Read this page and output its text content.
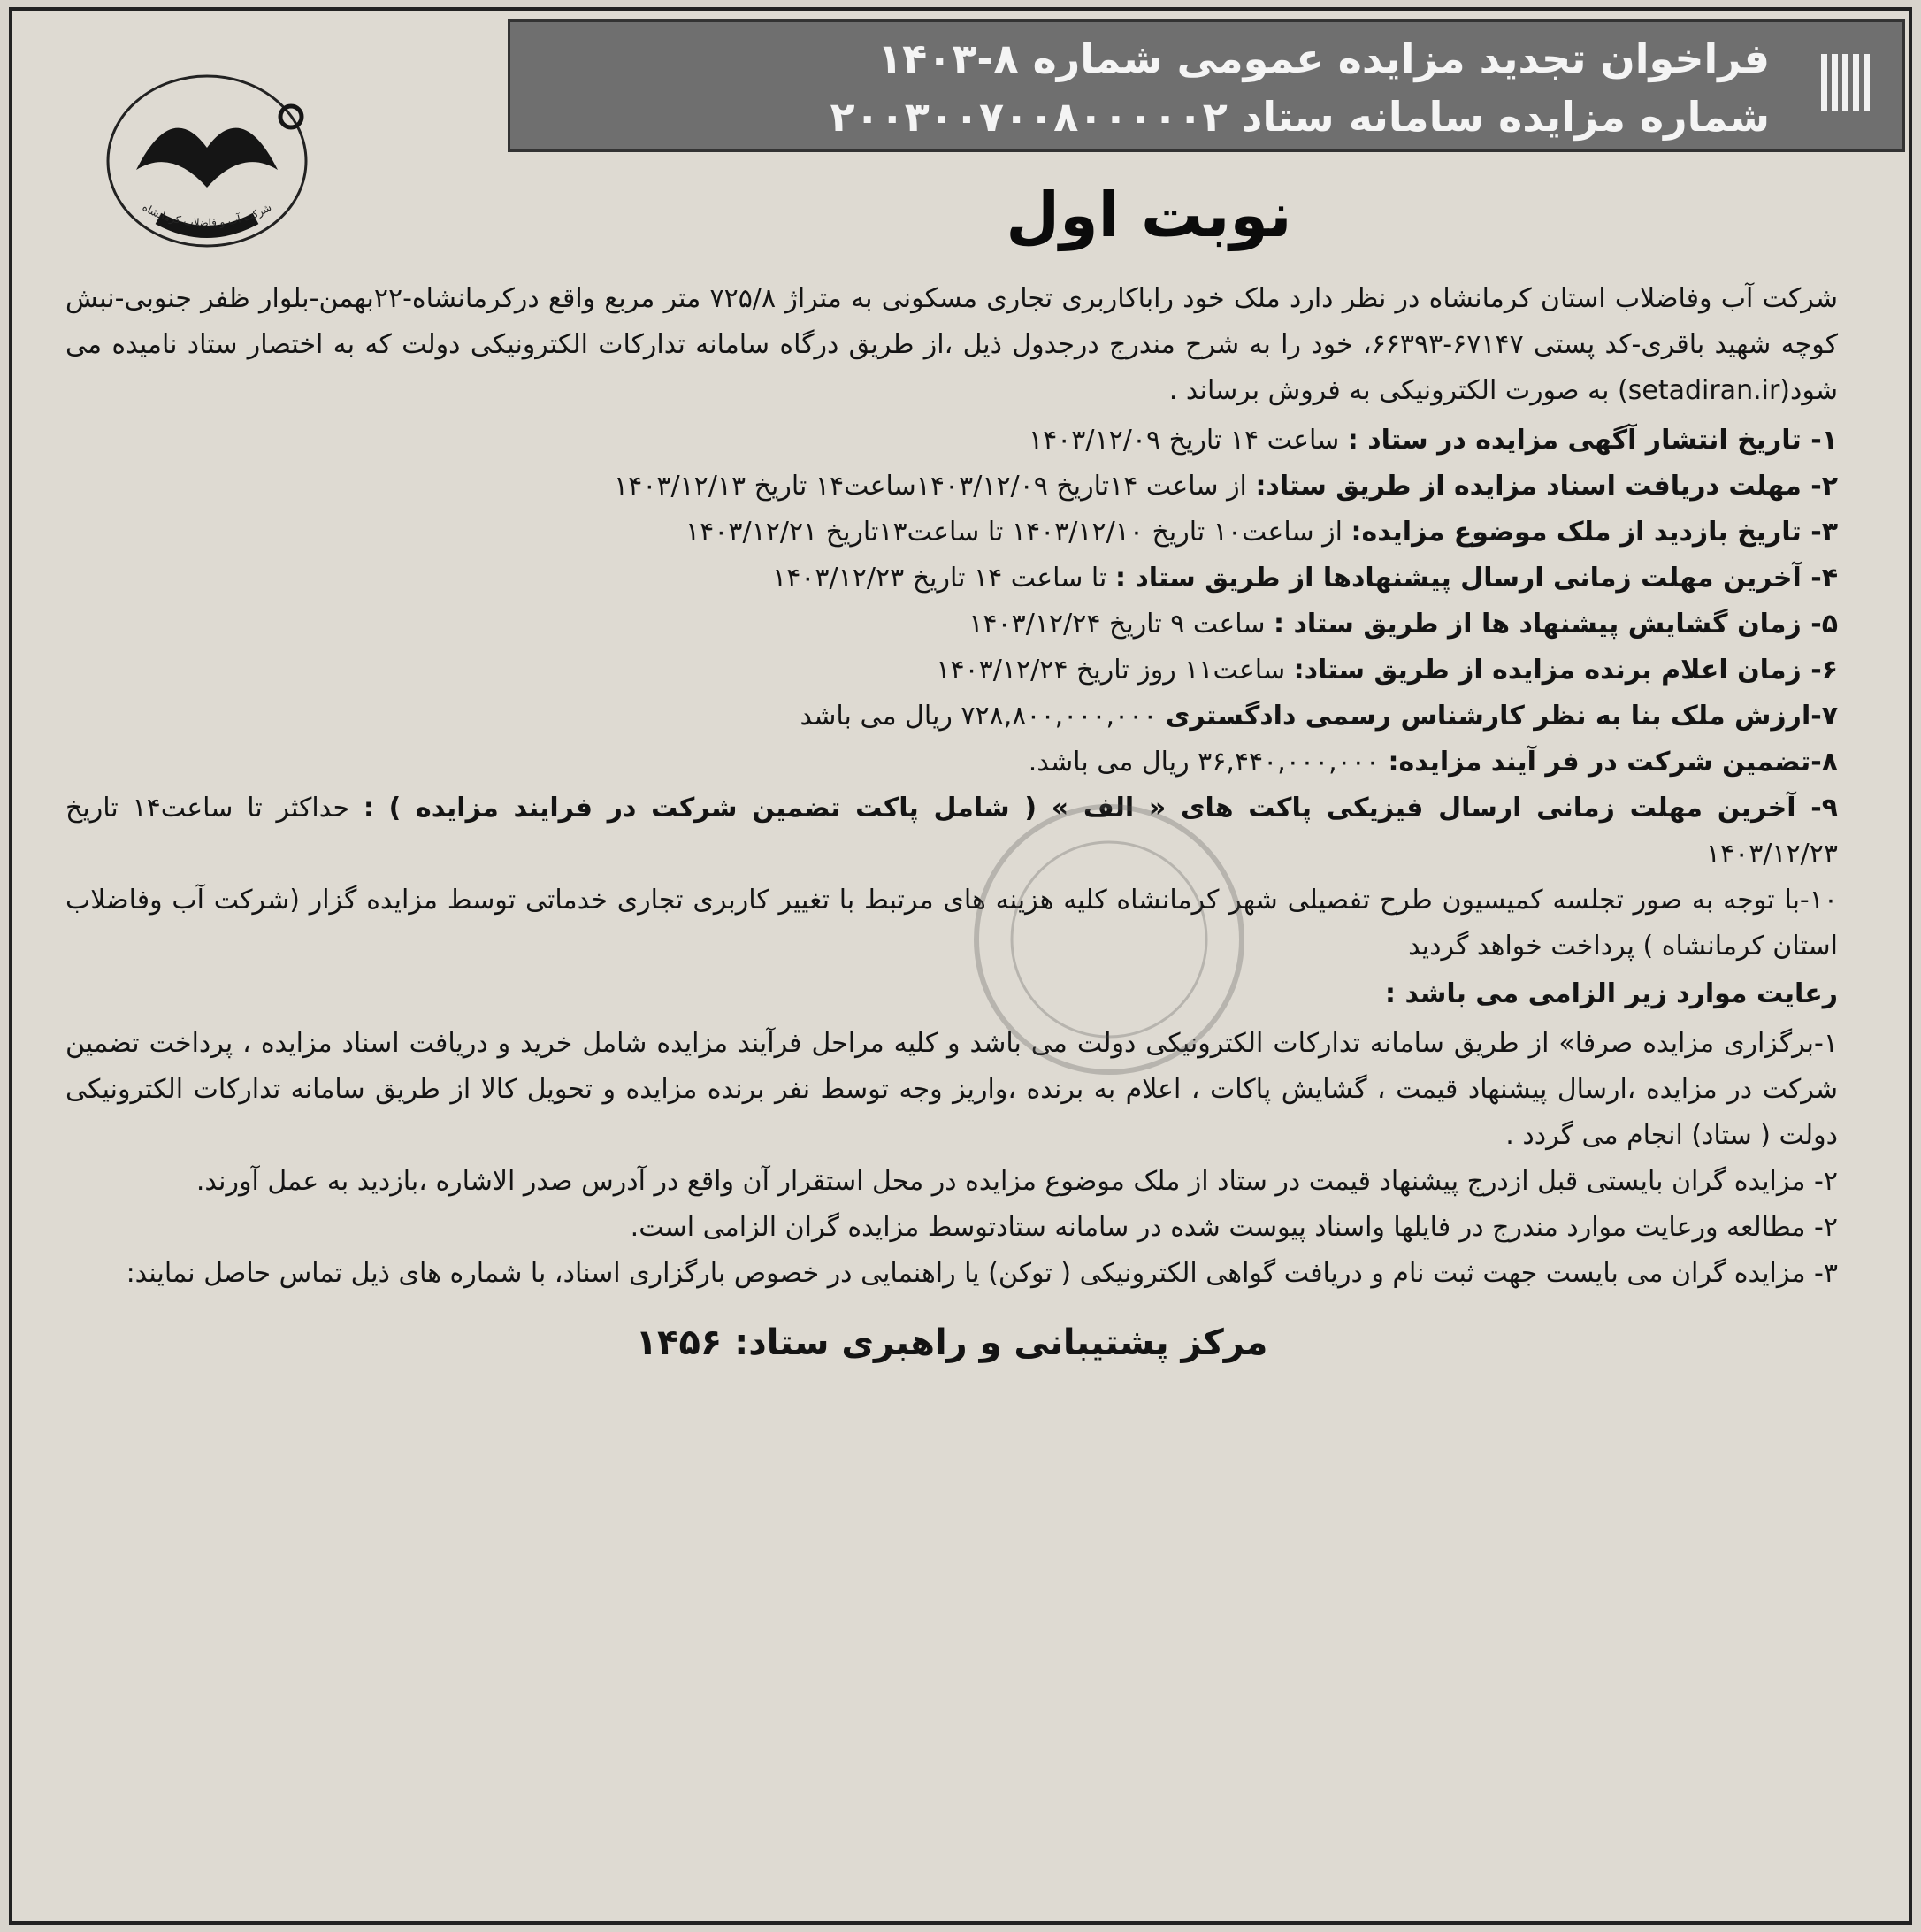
فراخوان تجدید مزایده عمومی شماره ۸-۱۴۰۳
شماره مزایده سامانه ستاد ۲۰۰۳۰۰۷۰۰۸۰۰۰۰۰۲
شرکت آب و فاضلاب کرمانشاه	نوبت اول

شرکت آب وفاضلاب استان کرمانشاه در نظر دارد ملک خود راباکاربری تجاری مسکونی به متراژ ۷۲۵/۸ متر مربع واقع درکرمانشاه-۲۲بهمن-بلوار ظفر جنوبی-نبش کوچه شهید باقری-کد پستی ۶۷۱۴۷-۶۶۳۹۳، خود را به شرح مندرج درجدول ذیل ،از طریق درگاه سامانه تدارکات الکترونیکی دولت که به اختصار ستاد نامیده می شود(setadiran.ir) به صورت الکترونیکی به فروش برساند .

۱- تاریخ انتشار آگهی مزایده در ستاد : ساعت ۱۴ تاریخ ۱۴۰۳/۱۲/۰۹

۲- مهلت دریافت اسناد مزایده از طریق ستاد: از ساعت ۱۴تاریخ ۱۴۰۳/۱۲/۰۹ساعت۱۴ تاریخ ۱۴۰۳/۱۲/۱۳

۳- تاریخ بازدید از ملک موضوع مزایده: از ساعت۱۰ تاریخ ۱۴۰۳/۱۲/۱۰ تا ساعت۱۳تاریخ ۱۴۰۳/۱۲/۲۱

۴- آخرین مهلت زمانی ارسال پیشنهادها از طریق ستاد : تا ساعت ۱۴ تاریخ ۱۴۰۳/۱۲/۲۳

۵- زمان گشایش پیشنهاد ها از طریق ستاد : ساعت ۹ تاریخ ۱۴۰۳/۱۲/۲۴

۶- زمان اعلام برنده مزایده از طریق ستاد: ساعت۱۱ روز تاریخ ۱۴۰۳/۱۲/۲۴

۷-ارزش ملک بنا به نظر کارشناس رسمی دادگستری ۷۲۸,۸۰۰,۰۰۰,۰۰۰ ریال می باشد

۸-تضمین شرکت در فر آیند مزایده: ۳۶,۴۴۰,۰۰۰,۰۰۰ ریال می باشد.

۹- آخرین مهلت زمانی ارسال فیزیکی پاکت های « الف » ( شامل پاکت تضمین شرکت در فرایند مزایده ) : حداکثر تا ساعت۱۴ تاریخ ۱۴۰۳/۱۲/۲۳

۱۰-با توجه به صور تجلسه کمیسیون طرح تفصیلی شهر کرمانشاه کلیه هزینه های مرتبط با تغییر کاربری تجاری خدماتی توسط مزایده گزار (شرکت آب وفاضلاب استان کرمانشاه ) پرداخت خواهد گردید

رعایت موارد زیر الزامی می باشد :

۱-برگزاری مزایده صرفا» از طریق سامانه تدارکات الکترونیکی دولت می باشد و کلیه مراحل فرآیند مزایده شامل خرید و دریافت اسناد مزایده ، پرداخت تضمین شرکت در مزایده ،ارسال پیشنهاد قیمت ، گشایش پاکات ، اعلام به برنده ،واریز وجه توسط نفر برنده مزایده و تحویل کالا از طریق سامانه تدارکات الکترونیکی دولت ( ستاد) انجام می گردد .

۲- مزایده گران بایستی قبل ازدرج پیشنهاد قیمت در ستاد از ملک موضوع مزایده در محل استقرار آن واقع در آدرس صدر الاشاره ،بازدید به عمل آورند.

۲- مطالعه ورعایت موارد مندرج در فایلها واسناد پیوست شده در سامانه ستادتوسط مزایده گران الزامی است.

۳- مزایده گران می بایست جهت ثبت نام و دریافت گواهی الکترونیکی ( توکن) یا راهنمایی در خصوص بارگزاری اسناد، با شماره های ذیل تماس حاصل نمایند:

مرکز پشتیبانی و راهبری ستاد: ۱۴۵۶
